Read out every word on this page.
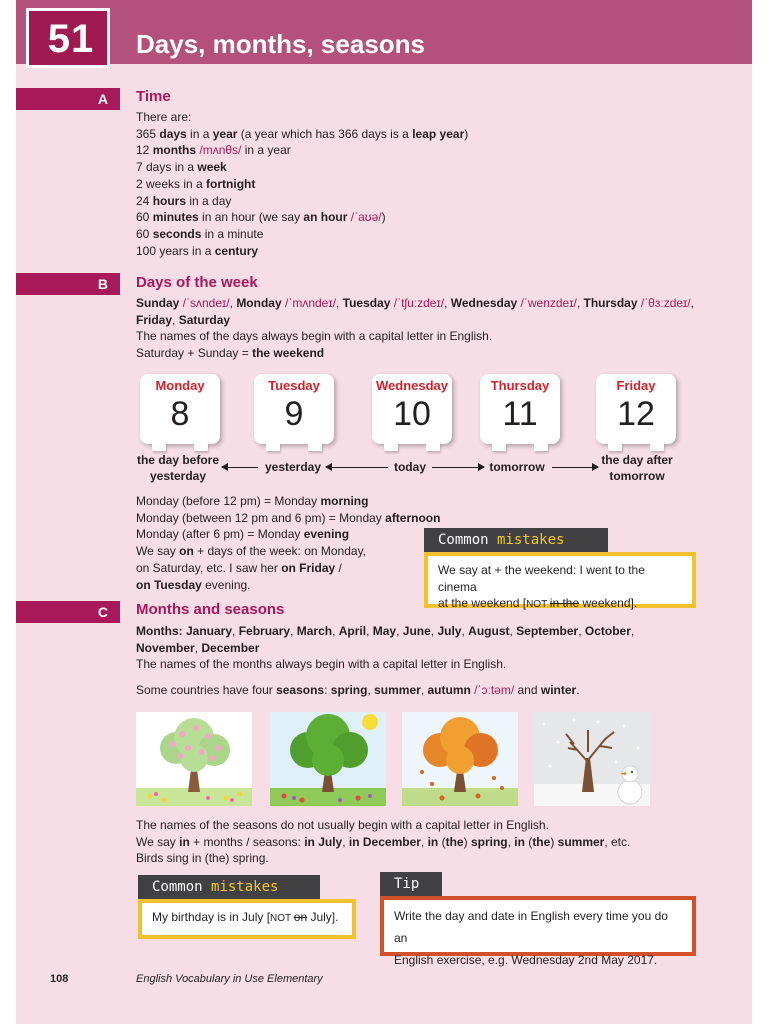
51	Days, months, seasons
A Time
There are:
365 days in a year (a year which has 366 days is a leap year)
12 months /mʌnθs/ in a year
7 days in a week
2 weeks in a fortnight
24 hours in a day
60 minutes in an hour (we say an hour /ˈaʊə/)
60 seconds in a minute
100 years in a century
B Days of the week
Sunday /ˈsʌndeɪ/, Monday /ˈmʌndeɪ/, Tuesday /ˈtʃuːzdeɪ/, Wednesday /ˈwenzdeɪ/, Thursday /ˈθɜːzdeɪ/,
Friday, Saturday
The names of the days always begin with a capital letter in English.
Saturday + Sunday = the weekend
Monday
8
Tuesday
9
Wednesday
10
Thursday
11
Friday
12
the day before
yesterday
yesterday	today	tomorrow	the day after
tomorrow
Monday (before 12 pm) = Monday morning
Monday (between 12 pm and 6 pm) = Monday afternoon
Monday (after 6 pm) = Monday evening
We say on + days of the week: on Monday,
on Saturday, etc. I saw her on Friday /
on Tuesday evening.
Common mistakes
We say at + the weekend: I went to the cinema
at the weekend [NOT in the weekend].
C Months and seasons
Months: January, February, March, April, May, June, July, August, September, October,
November, December
The names of the months always begin with a capital letter in English.
Some countries have four seasons: spring, summer, autumn /ˈɔːtəm/ and winter.
The names of the seasons do not usually begin with a capital letter in English.
We say in + months / seasons: in July, in December, in (the) spring, in (the) summer, etc.
Birds sing in (the) spring.
Common mistakes
My birthday is in July [NOT on July].
Tip
Write the day and date in English every time you do an
English exercise, e.g. Wednesday 2nd May 2017.
108	English Vocabulary in Use Elementary
